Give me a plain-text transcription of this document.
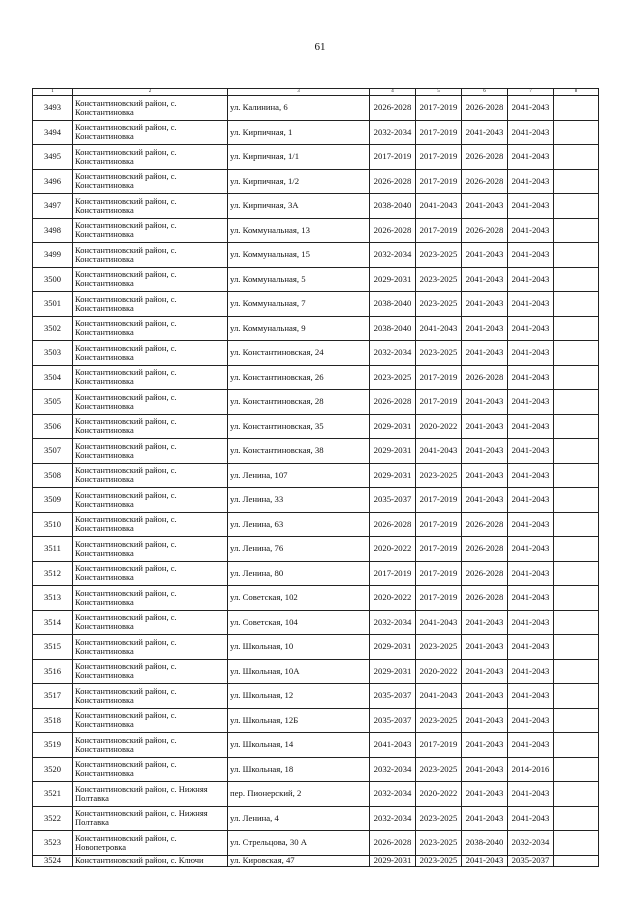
61
1	2	3	4	5	6	7	8
3493	Константиновский район, с. Константиновка	ул. Калинина, 6	2026-2028	2017-2019	2026-2028	2041-2043	
3494	Константиновский район, с. Константиновка	ул. Кирпичная, 1	2032-2034	2017-2019	2041-2043	2041-2043	
3495	Константиновский район, с. Константиновка	ул. Кирпичная, 1/1	2017-2019	2017-2019	2026-2028	2041-2043	
3496	Константиновский район, с. Константиновка	ул. Кирпичная, 1/2	2026-2028	2017-2019	2026-2028	2041-2043	
3497	Константиновский район, с. Константиновка	ул. Кирпичная, 3А	2038-2040	2041-2043	2041-2043	2041-2043	
3498	Константиновский район, с. Константиновка	ул. Коммунальная, 13	2026-2028	2017-2019	2026-2028	2041-2043	
3499	Константиновский район, с. Константиновка	ул. Коммунальная, 15	2032-2034	2023-2025	2041-2043	2041-2043	
3500	Константиновский район, с. Константиновка	ул. Коммунальная, 5	2029-2031	2023-2025	2041-2043	2041-2043	
3501	Константиновский район, с. Константиновка	ул. Коммунальная, 7	2038-2040	2023-2025	2041-2043	2041-2043	
3502	Константиновский район, с. Константиновка	ул. Коммунальная, 9	2038-2040	2041-2043	2041-2043	2041-2043	
3503	Константиновский район, с. Константиновка	ул. Константиновская, 24	2032-2034	2023-2025	2041-2043	2041-2043	
3504	Константиновский район, с. Константиновка	ул. Константиновская, 26	2023-2025	2017-2019	2026-2028	2041-2043	
3505	Константиновский район, с. Константиновка	ул. Константиновская, 28	2026-2028	2017-2019	2041-2043	2041-2043	
3506	Константиновский район, с. Константиновка	ул. Константиновская, 35	2029-2031	2020-2022	2041-2043	2041-2043	
3507	Константиновский район, с. Константиновка	ул. Константиновская, 38	2029-2031	2041-2043	2041-2043	2041-2043	
3508	Константиновский район, с. Константиновка	ул. Ленина, 107	2029-2031	2023-2025	2041-2043	2041-2043	
3509	Константиновский район, с. Константиновка	ул. Ленина, 33	2035-2037	2017-2019	2041-2043	2041-2043	
3510	Константиновский район, с. Константиновка	ул. Ленина, 63	2026-2028	2017-2019	2026-2028	2041-2043	
3511	Константиновский район, с. Константиновка	ул. Ленина, 76	2020-2022	2017-2019	2026-2028	2041-2043	
3512	Константиновский район, с. Константиновка	ул. Ленина, 80	2017-2019	2017-2019	2026-2028	2041-2043	
3513	Константиновский район, с. Константиновка	ул. Советская, 102	2020-2022	2017-2019	2026-2028	2041-2043	
3514	Константиновский район, с. Константиновка	ул. Советская, 104	2032-2034	2041-2043	2041-2043	2041-2043	
3515	Константиновский район, с. Константиновка	ул. Школьная, 10	2029-2031	2023-2025	2041-2043	2041-2043	
3516	Константиновский район, с. Константиновка	ул. Школьная, 10А	2029-2031	2020-2022	2041-2043	2041-2043	
3517	Константиновский район, с. Константиновка	ул. Школьная, 12	2035-2037	2041-2043	2041-2043	2041-2043	
3518	Константиновский район, с. Константиновка	ул. Школьная, 12Б	2035-2037	2023-2025	2041-2043	2041-2043	
3519	Константиновский район, с. Константиновка	ул. Школьная, 14	2041-2043	2017-2019	2041-2043	2041-2043	
3520	Константиновский район, с. Константиновка	ул. Школьная, 18	2032-2034	2023-2025	2041-2043	2014-2016	
3521	Константиновский район, с. Нижняя Полтавка	пер. Пионерский, 2	2032-2034	2020-2022	2041-2043	2041-2043	
3522	Константиновский район, с. Нижняя Полтавка	ул. Ленина, 4	2032-2034	2023-2025	2041-2043	2041-2043	
3523	Константиновский район, с. Новопетровка	ул. Стрельцова, 30 А	2026-2028	2023-2025	2038-2040	2032-2034	
3524	Константиновский район, с. Ключи	ул. Кировская, 47	2029-2031	2023-2025	2041-2043	2035-2037	
